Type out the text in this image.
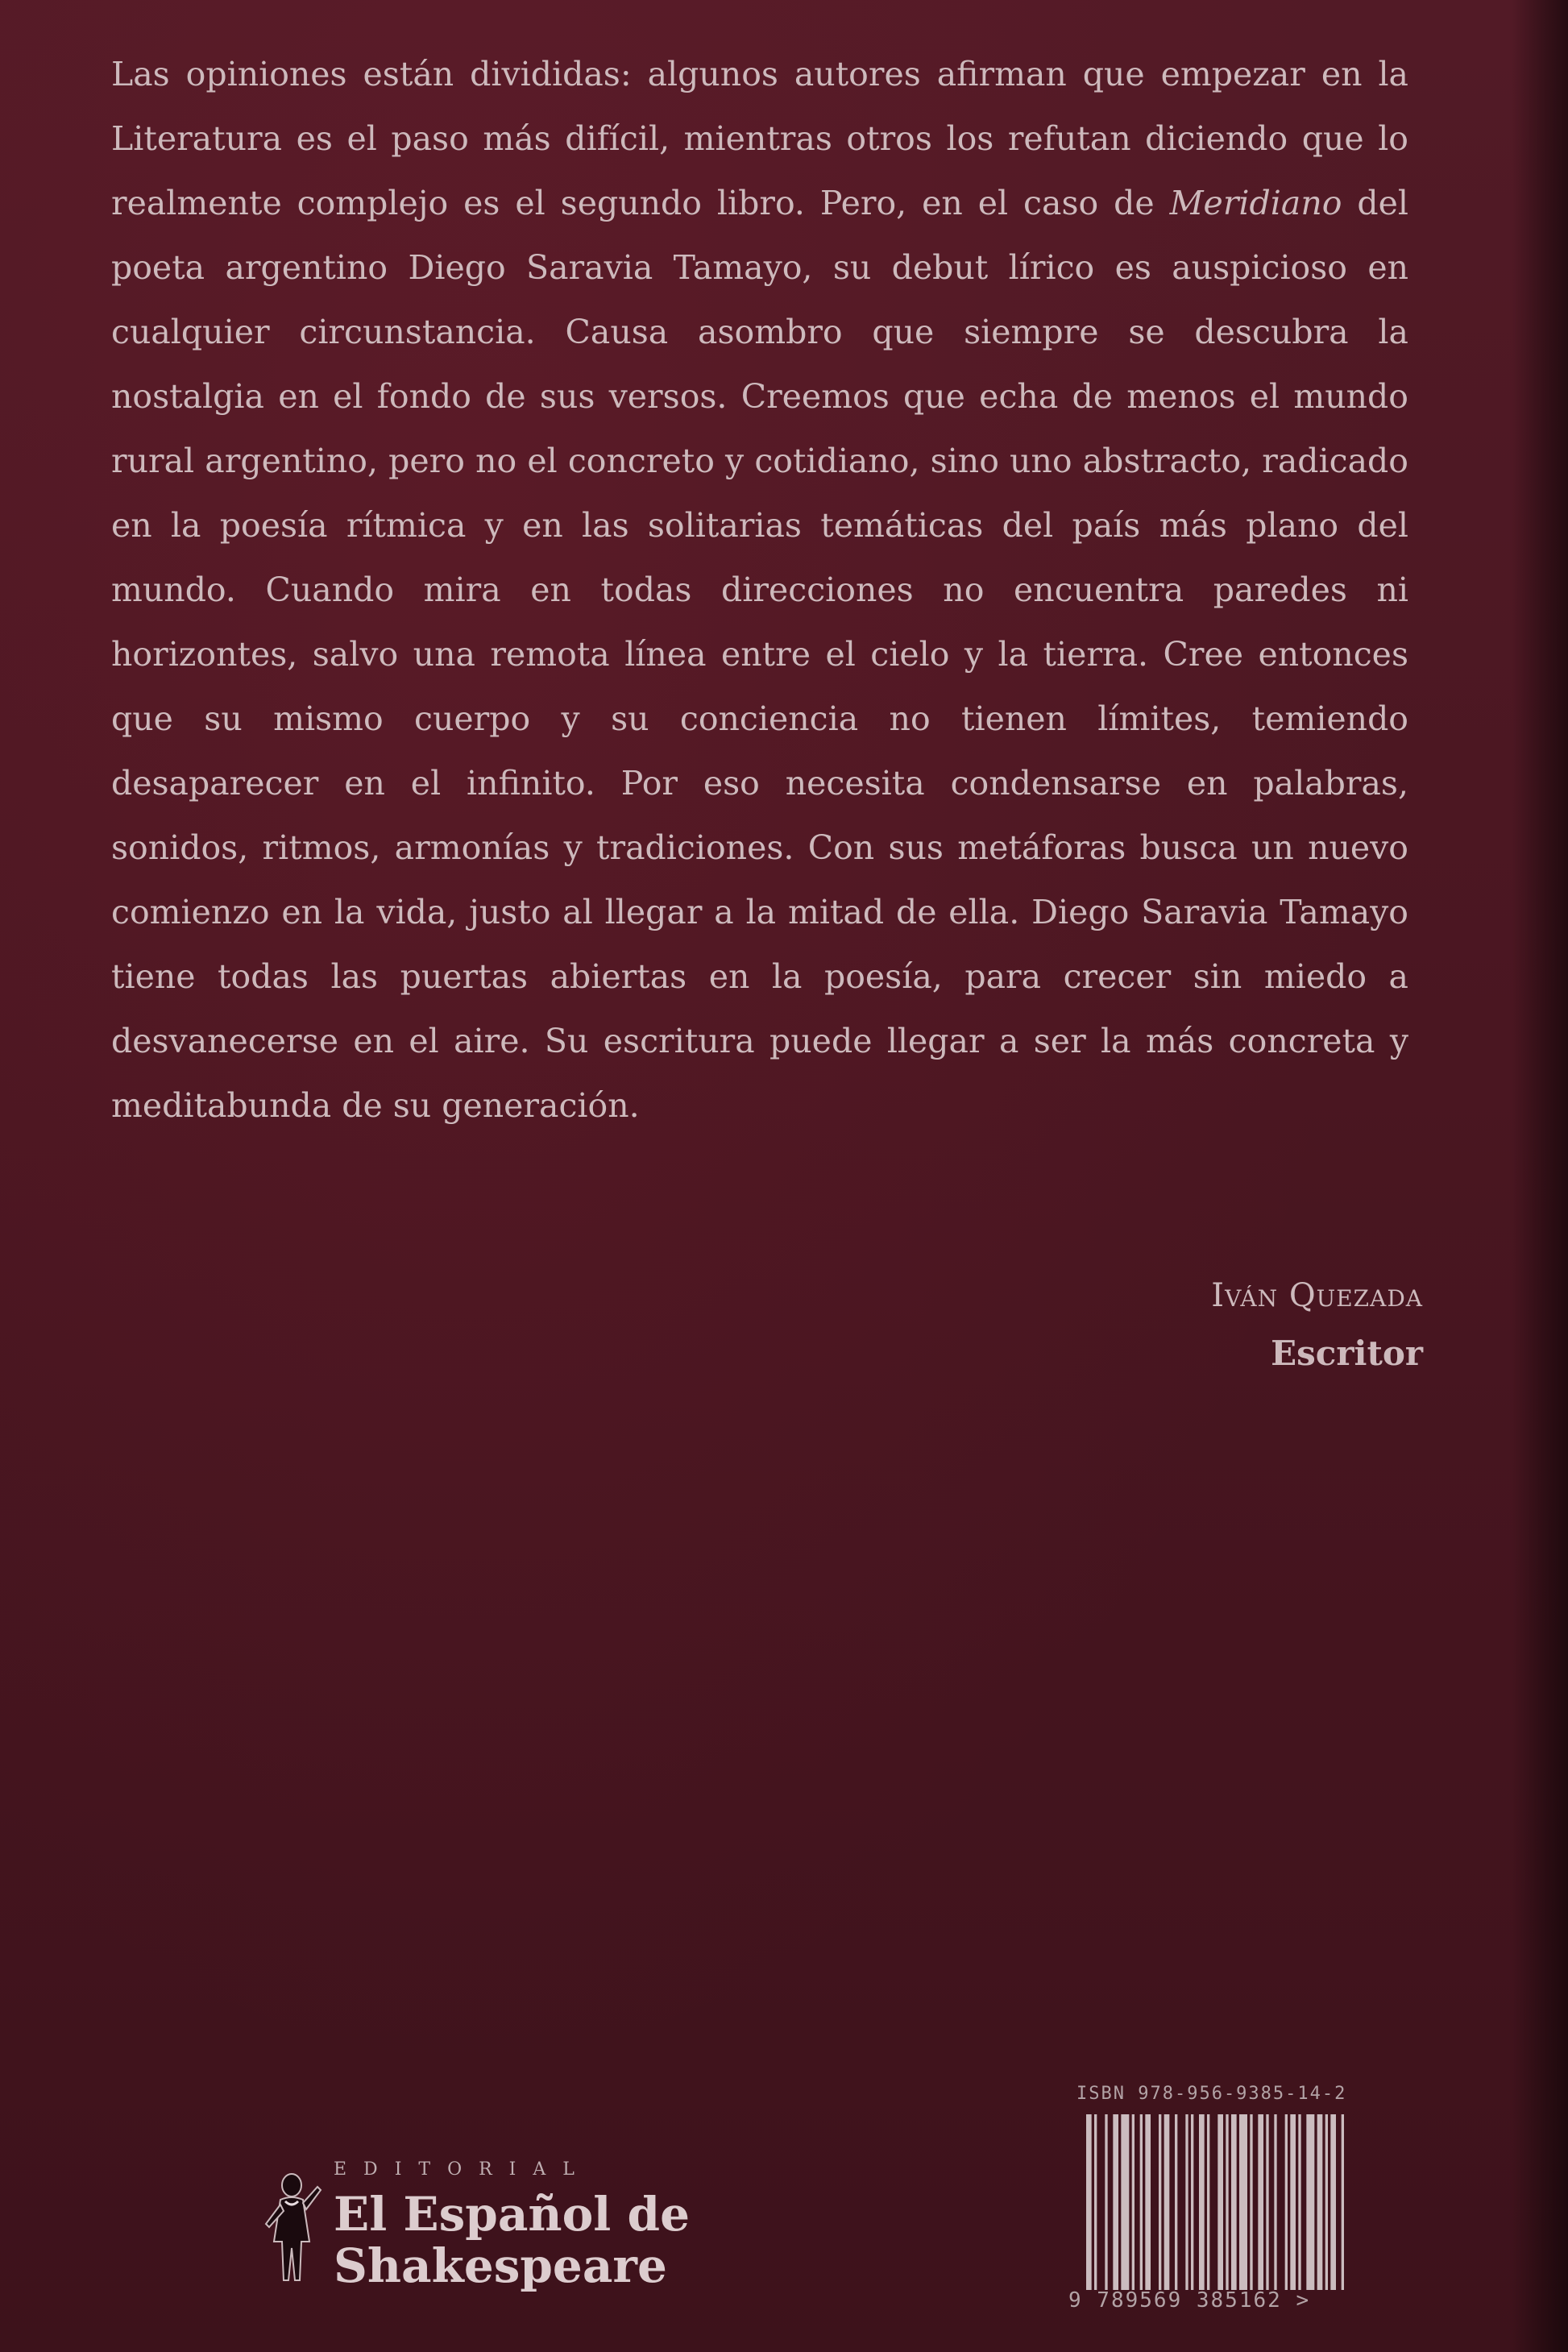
Las opiniones están divididas: algunos autores afirman que empezar en la Literatura es el paso más difícil, mientras otros los refutan diciendo que lo realmente complejo es el segundo libro. Pero, en el caso de Meridiano del poeta argentino Diego Saravia Tamayo, su debut lírico es auspicioso en cualquier circunstancia. Causa asombro que siempre se descubra la nostalgia en el fondo de sus versos. Creemos que echa de menos el mundo rural argentino, pero no el concreto y cotidiano, sino uno abstracto, radicado en la poesía rítmica y en las solitarias temáticas del país más plano del mundo. Cuando mira en todas direcciones no encuentra paredes ni horizontes, salvo una remota línea entre el cielo y la tierra. Cree entonces que su mismo cuerpo y su conciencia no tienen límites, temiendo desaparecer en el infinito. Por eso necesita condensarse en palabras, sonidos, ritmos, armonías y tradiciones. Con sus metáforas busca un nuevo comienzo en la vida, justo al llegar a la mitad de ella. Diego Saravia Tamayo tiene todas las puertas abiertas en la poesía, para crecer sin miedo a desvanecerse en el aire. Su escritura puede llegar a ser la más concreta y meditabunda de su generación.

Iván Quezada
Escritor
EDITORIAL
El Español de
Shakespeare
ISBN 978-956-9385-14-2
9 789569 385162 >
